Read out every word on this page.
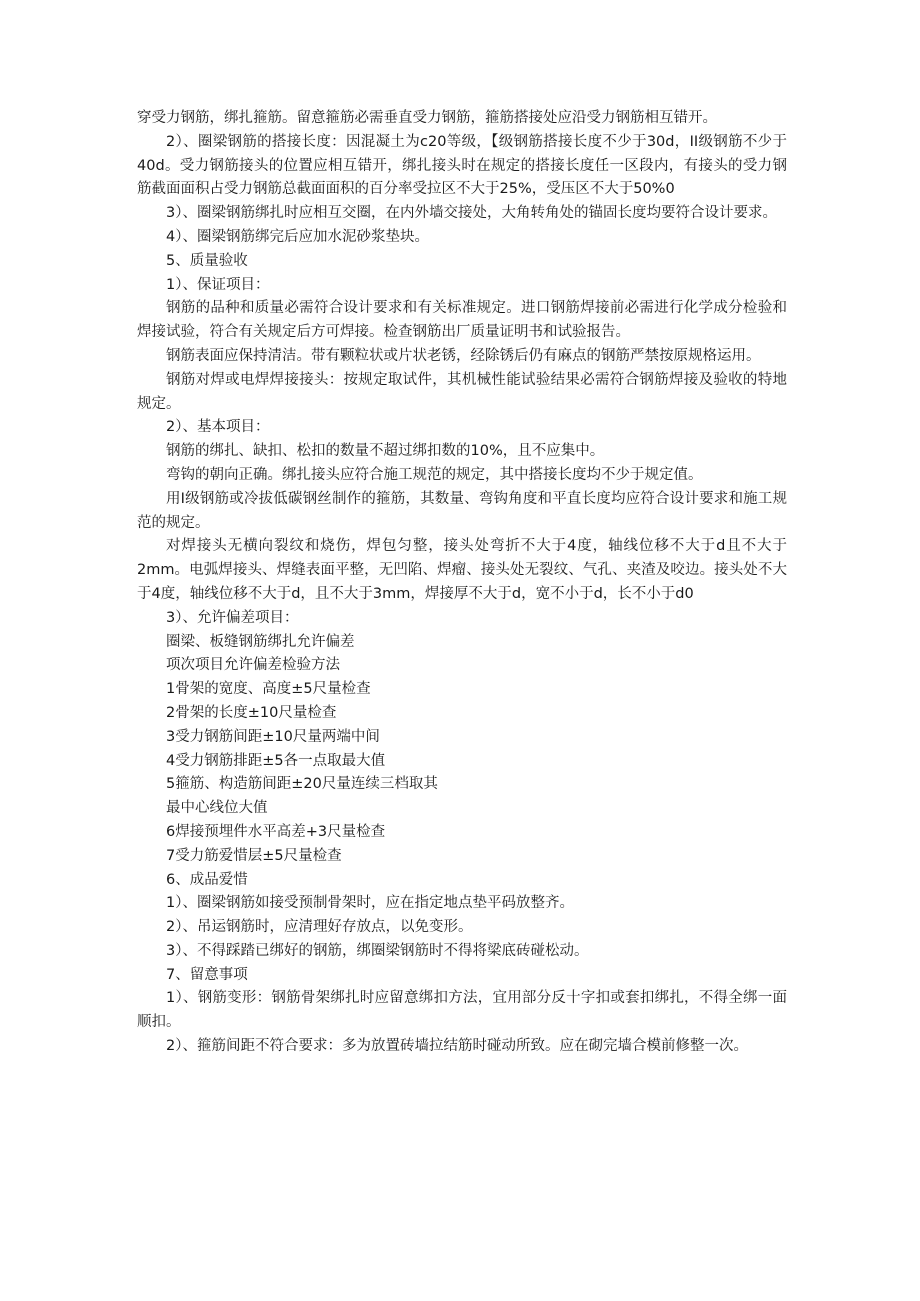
穿受力钢筋，绑扎箍筋。留意箍筋必需垂直受力钢筋，箍筋搭接处应沿受力钢筋相互错开。

2）、圈梁钢筋的搭接长度：因混凝土为c20等级，【级钢筋搭接长度不少于30d，II级钢筋不少于40d。受力钢筋接头的位置应相互错开，绑扎接头时在规定的搭接长度任一区段内，有接头的受力钢筋截面面积占受力钢筋总截面面积的百分率受拉区不大于25%，受压区不大于50%0

3）、圈梁钢筋绑扎时应相互交圈，在内外墙交接处，大角转角处的锚固长度均要符合设计要求。

4）、圈梁钢筋绑完后应加水泥砂浆垫块。

5、质量验收

1）、保证项目：

钢筋的品种和质量必需符合设计要求和有关标准规定。进口钢筋焊接前必需进行化学成分检验和焊接试验，符合有关规定后方可焊接。检查钢筋出厂质量证明书和试验报告。

钢筋表面应保持清洁。带有颗粒状或片状老锈，经除锈后仍有麻点的钢筋严禁按原规格运用。

钢筋对焊或电焊焊接接头：按规定取试件，其机械性能试验结果必需符合钢筋焊接及验收的特地规定。

2）、基本项目：

钢筋的绑扎、缺扣、松扣的数量不超过绑扣数的10%，且不应集中。

弯钩的朝向正确。绑扎接头应符合施工规范的规定，其中搭接长度均不少于规定值。

用I级钢筋或冷拔低碳钢丝制作的箍筋，其数量、弯钩角度和平直长度均应符合设计要求和施工规范的规定。

对焊接头无横向裂纹和烧伤，焊包匀整，接头处弯折不大于4度，轴线位移不大于d且不大于2mm。电弧焊接头、焊缝表面平整，无凹陷、焊瘤、接头处无裂纹、气孔、夹渣及咬边。接头处不大于4度，轴线位移不大于d，且不大于3mm，焊接厚不大于d，宽不小于d，长不小于d0

3）、允许偏差项目：

圈梁、板缝钢筋绑扎允许偏差

项次项目允许偏差检验方法

1骨架的宽度、高度±5尺量检查

2骨架的长度±10尺量检查

3受力钢筋间距±10尺量两端中间

4受力钢筋排距±5各一点取最大值

5箍筋、构造筋间距±20尺量连续三档取其

最中心线位大值

6焊接预埋件水平高差+3尺量检查

7受力筋爱惜层±5尺量检查

6、成品爱惜

1）、圈梁钢筋如接受预制骨架时，应在指定地点垫平码放整齐。

2）、吊运钢筋时，应清理好存放点，以免变形。

3）、不得踩踏已绑好的钢筋，绑圈梁钢筋时不得将梁底砖碰松动。

7、留意事项

1）、钢筋变形：钢筋骨架绑扎时应留意绑扣方法，宜用部分反十字扣或套扣绑扎，不得全绑一面顺扣。

2）、箍筋间距不符合要求：多为放置砖墙拉结筋时碰动所致。应在砌完墙合模前修整一次。
